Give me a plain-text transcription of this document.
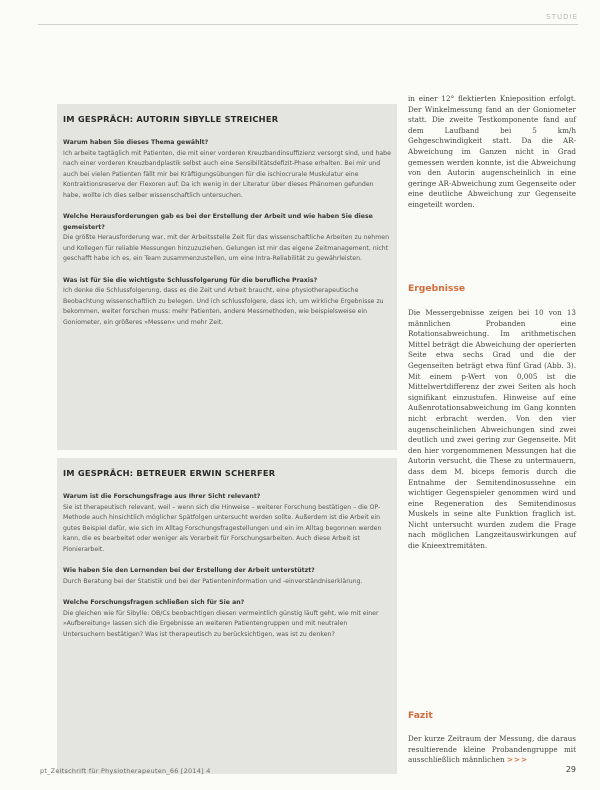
STUDIE
IM GESPRÄCH: AUTORIN SIBYLLE STREICHER
Warum haben Sie dieses Thema gewählt?
Ich arbeite tagtäglich mit Patienten, die mit einer vorderen Kreuzbandinsuffizienz versorgt sind, und habe nach einer vorderen Kreuzbandplastik selbst auch eine Sensibilitätsdefizit-Phase erhalten. Bei mir und auch bei vielen Patienten fällt mir bei Kräftigungsübungen für die ischiocrurale Muskulatur eine Kontraktionsreserve der Flexoren auf. Da ich wenig in der Literatur über dieses Phänomen gefunden habe, wollte ich dies selber wissenschaftlich untersuchen.
Welche Herausforderungen gab es bei der Erstellung der Arbeit und wie haben Sie diese gemeistert?
Die größte Herausforderung war, mit der Arbeitsstelle Zeit für das wissenschaftliche Arbeiten zu nehmen und Kollegen für reliable Messungen hinzuzuziehen. Gelungen ist mir das eigene Zeitmanagement, nicht geschafft habe ich es, ein Team zusammenzustellen, um eine Intra-Reliabilität zu gewährleisten.
Was ist für Sie die wichtigste Schlussfolgerung für die berufliche Praxis?
Ich denke die Schlussfolgerung, dass es die Zeit und Arbeit braucht, eine physiotherapeutische Beobachtung wissenschaftlich zu belegen. Und ich schlussfolgere, dass ich, um wirkliche Ergebnisse zu bekommen, weiter forschen muss: mehr Patienten, andere Messmethoden, wie beispielsweise ein Goniometer, ein größeres »Messen« und mehr Zeit.
IM GESPRÄCH: BETREUER ERWIN SCHERFER
Warum ist die Forschungsfrage aus Ihrer Sicht relevant?
Sie ist therapeutisch relevant, weil – wenn sich die Hinweise – weiterer Forschung bestätigen – die OP-Methode auch hinsichtlich möglicher Spätfolgen untersucht werden sollte. Außerdem ist die Arbeit ein gutes Beispiel dafür, wie sich im Alltag Forschungsfragestellungen und ein im Alltag begonnen werden kann, die es bearbeitet oder weniger als Vorarbeit für Forschungsarbeiten. Auch diese Arbeit ist Pionierarbeit.
Wie haben Sie den Lernenden bei der Erstellung der Arbeit unterstützt?
Durch Beratung bei der Statistik und bei der Patienteninformation und -einverständniserklärung.
Welche Forschungsfragen schließen sich für Sie an?
Die gleichen wie für Sibylle: OB/Cs beobachtigen diesen vermeintlich günstig läuft geht, wie mit einer »Aufbereitung« lassen sich die Ergebnisse an weiteren Patientengruppen und mit neutralen Untersuchern bestätigen? Was ist therapeutisch zu berücksichtigen, was ist zu denken?
in einer 12° flektierten Knieposition erfolgt. Der Winkelmessung fand an der Goniometer statt. Die zweite Testkomponente fand auf dem Laufband bei 5 km/h Gehgeschwindigkeit statt. Da die AR-Abweichung im Ganzen nicht in Grad gemessen werden konnte, ist die Abweichung von den Autorin augenscheinlich in eine geringe AR-Abweichung zum Gegenseite oder eine deutliche Abweichung zur Gegenseite eingeteilt worden.
Ergebnisse
Die Messergebnisse zeigen bei 10 von 13 männlichen Probanden eine Rotationsabweichung. Im arithmetischen Mittel beträgt die Abweichung der operierten Seite etwa sechs Grad und die der Gegenseiten beträgt etwa fünf Grad (Abb. 3). Mit einem p-Wert von 0,005 ist die Mittelwertdifferenz der zwei Seiten als hoch signifikant einzustufen. Hinweise auf eine Außenrotationsabweichung im Gang konnten nicht erbracht werden. Von den vier augenscheinlichen Abweichungen sind zwei deutlich und zwei gering zur Gegenseite. Mit den hier vorgenommenen Messungen hat die Autorin versucht, die These zu untermauern, dass dem M. biceps femoris durch die Entnahme der Semitendinosussehne ein wichtiger Gegenspieler genommen wird und eine Regeneration des Semitendinosus Muskels in seine alte Funktion fraglich ist. Nicht untersucht wurden zudem die Frage nach möglichen Langzeitauswirkungen auf die Knieextremitäten.
Fazit
Der kurze Zeitraum der Messung, die daraus resultierende kleine Probandengruppe mit ausschließlich männlichen >>>
pt_Zeitschrift für Physiotherapeuten_66 [2014] 4	29
